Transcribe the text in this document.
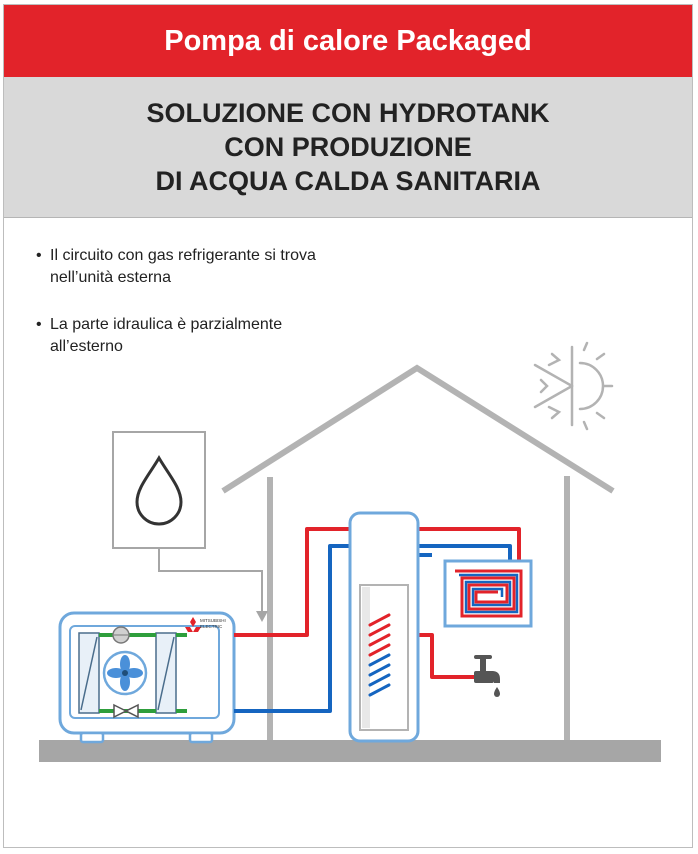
Pompa di calore Packaged
SOLUZIONE CON HYDROTANK
CON PRODUZIONE
DI ACQUA CALDA SANITARIA
• Il circuito con gas refrigerante si trova
nell’unità esterna
• La parte idraulica è parzialmente
all’esterno
MITSUBISHI
ELECTRIC
